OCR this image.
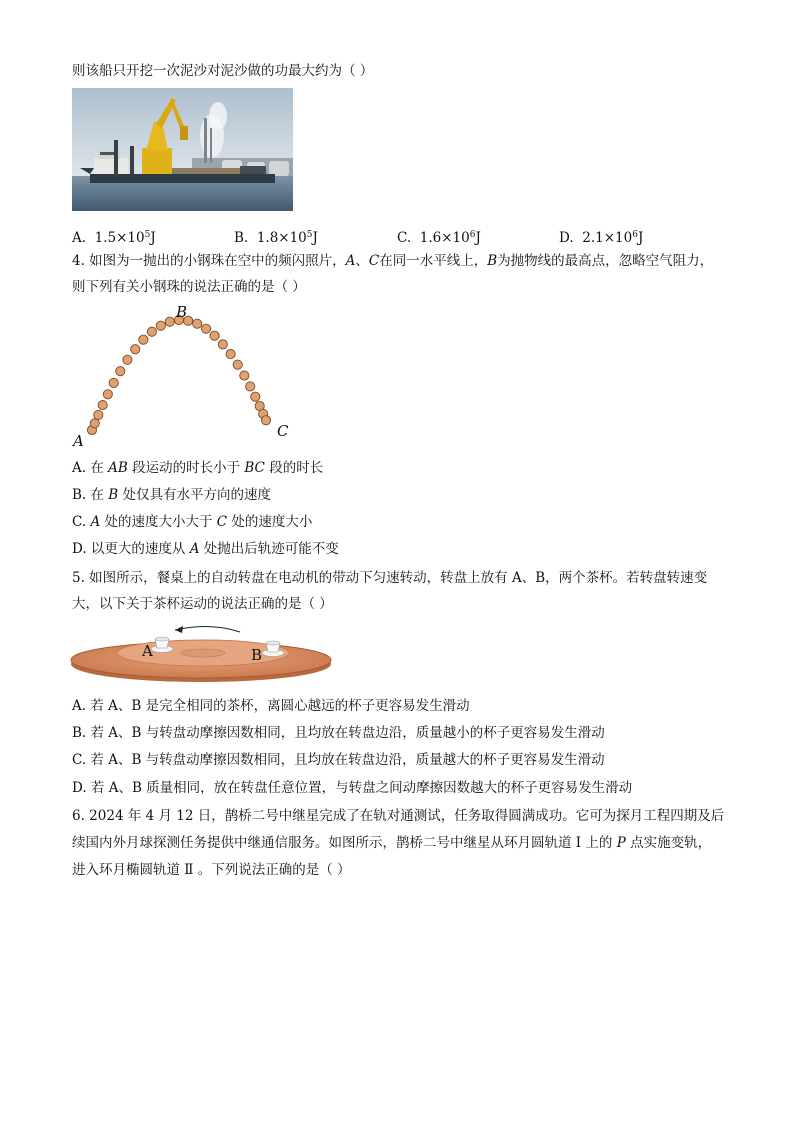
则该船只开挖一次泥沙对泥沙做的功最大约为（ ）
A. $1.5\times 10^5J$	B. $1.8\times 10^5J$	C. $1.6\times 10^6J$	D. $2.1\times 10^6J$
4. 如图为一抛出的小钢珠在空中的频闪照片，A、C在同一水平线上，B为抛物线的最高点，忽略空气阻力，
则下列有关小钢珠的说法正确的是（ ）
A
B
C
A. 在 AB 段运动的时长小于 BC 段的时长
B. 在 B 处仅具有水平方向的速度
C. A 处的速度大小大于 C 处的速度大小
D. 以更大的速度从 A 处抛出后轨迹可能不变
5. 如图所示，餐桌上的自动转盘在电动机的带动下匀速转动，转盘上放有 A、B，两个茶杯。若转盘转速变
大，以下关于茶杯运动的说法正确的是（ ）
A	B
A. 若 A、B 是完全相同的茶杯，离圆心越远的杯子更容易发生滑动
B. 若 A、B 与转盘动摩擦因数相同，且均放在转盘边沿，质量越小的杯子更容易发生滑动
C. 若 A、B 与转盘动摩擦因数相同，且均放在转盘边沿，质量越大的杯子更容易发生滑动
D. 若 A、B 质量相同，放在转盘任意位置，与转盘之间动摩擦因数越大的杯子更容易发生滑动
6. 2024 年 4 月 12 日，鹊桥二号中继星完成了在轨对通测试，任务取得圆满成功。它可为探月工程四期及后
续国内外月球探测任务提供中继通信服务。如图所示，鹊桥二号中继星从环月圆轨道 Ⅰ 上的 P 点实施变轨，
进入环月椭圆轨道 Ⅱ 。下列说法正确的是（ ）
